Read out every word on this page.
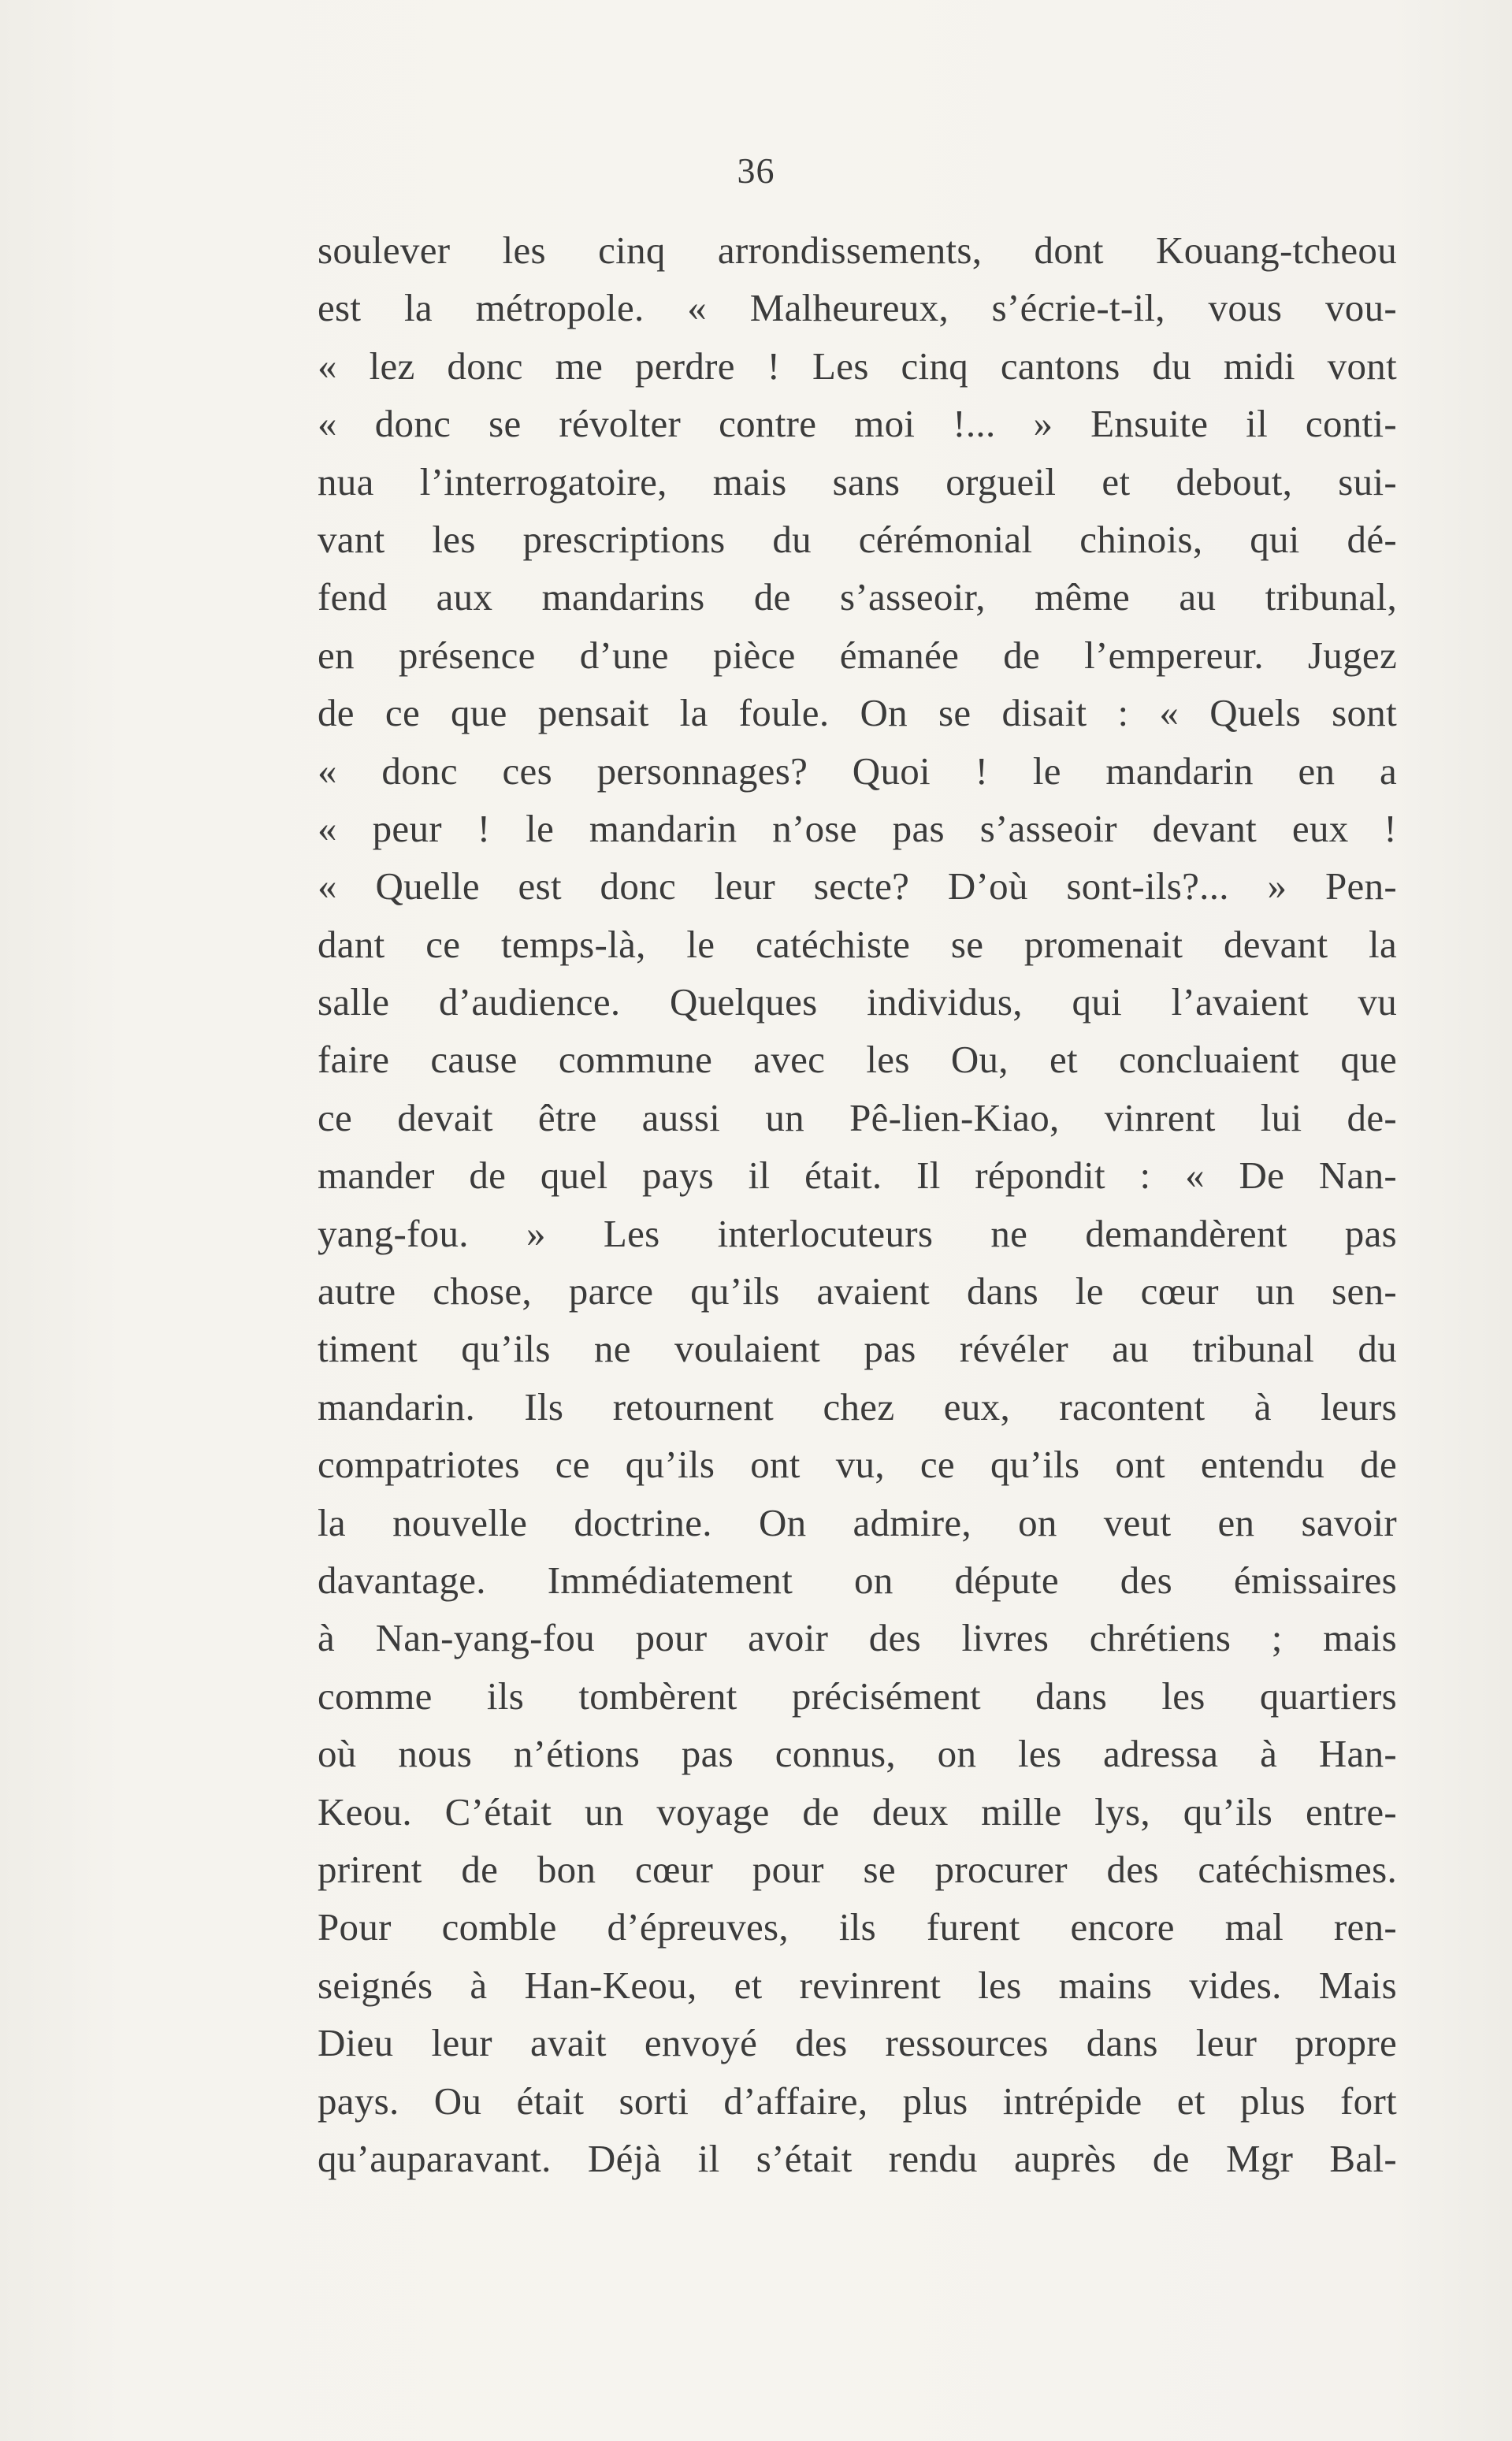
36
soulever les cinq arrondissements, dont Kouang-tcheou
est la métropole. « Malheureux, s’écrie-t-il, vous vou-
« lez donc me perdre ! Les cinq cantons du midi vont
« donc se révolter contre moi !... » Ensuite il conti-
nua l’interrogatoire, mais sans orgueil et debout, sui-
vant les prescriptions du cérémonial chinois, qui dé-
fend aux mandarins de s’asseoir, même au tribunal,
en présence d’une pièce émanée de l’empereur. Jugez
de ce que pensait la foule. On se disait : « Quels sont
« donc ces personnages? Quoi ! le mandarin en a
« peur ! le mandarin n’ose pas s’asseoir devant eux !
« Quelle est donc leur secte? D’où sont-ils?... » Pen-
dant ce temps-là, le catéchiste se promenait devant la
salle d’audience. Quelques individus, qui l’avaient vu
faire cause commune avec les Ou, et concluaient que
ce devait être aussi un Pê-lien-Kiao, vinrent lui de-
mander de quel pays il était. Il répondit : « De Nan-
yang-fou. » Les interlocuteurs ne demandèrent pas
autre chose, parce qu’ils avaient dans le cœur un sen-
timent qu’ils ne voulaient pas révéler au tribunal du
mandarin. Ils retournent chez eux, racontent à leurs
compatriotes ce qu’ils ont vu, ce qu’ils ont entendu de
la nouvelle doctrine. On admire, on veut en savoir
davantage. Immédiatement on députe des émissaires
à Nan-yang-fou pour avoir des livres chrétiens ; mais
comme ils tombèrent précisément dans les quartiers
où nous n’étions pas connus, on les adressa à Han-
Keou. C’était un voyage de deux mille lys, qu’ils entre-
prirent de bon cœur pour se procurer des catéchismes.
Pour comble d’épreuves, ils furent encore mal ren-
seignés à Han-Keou, et revinrent les mains vides. Mais
Dieu leur avait envoyé des ressources dans leur propre
pays. Ou était sorti d’affaire, plus intrépide et plus fort
qu’auparavant. Déjà il s’était rendu auprès de Mgr Bal-
